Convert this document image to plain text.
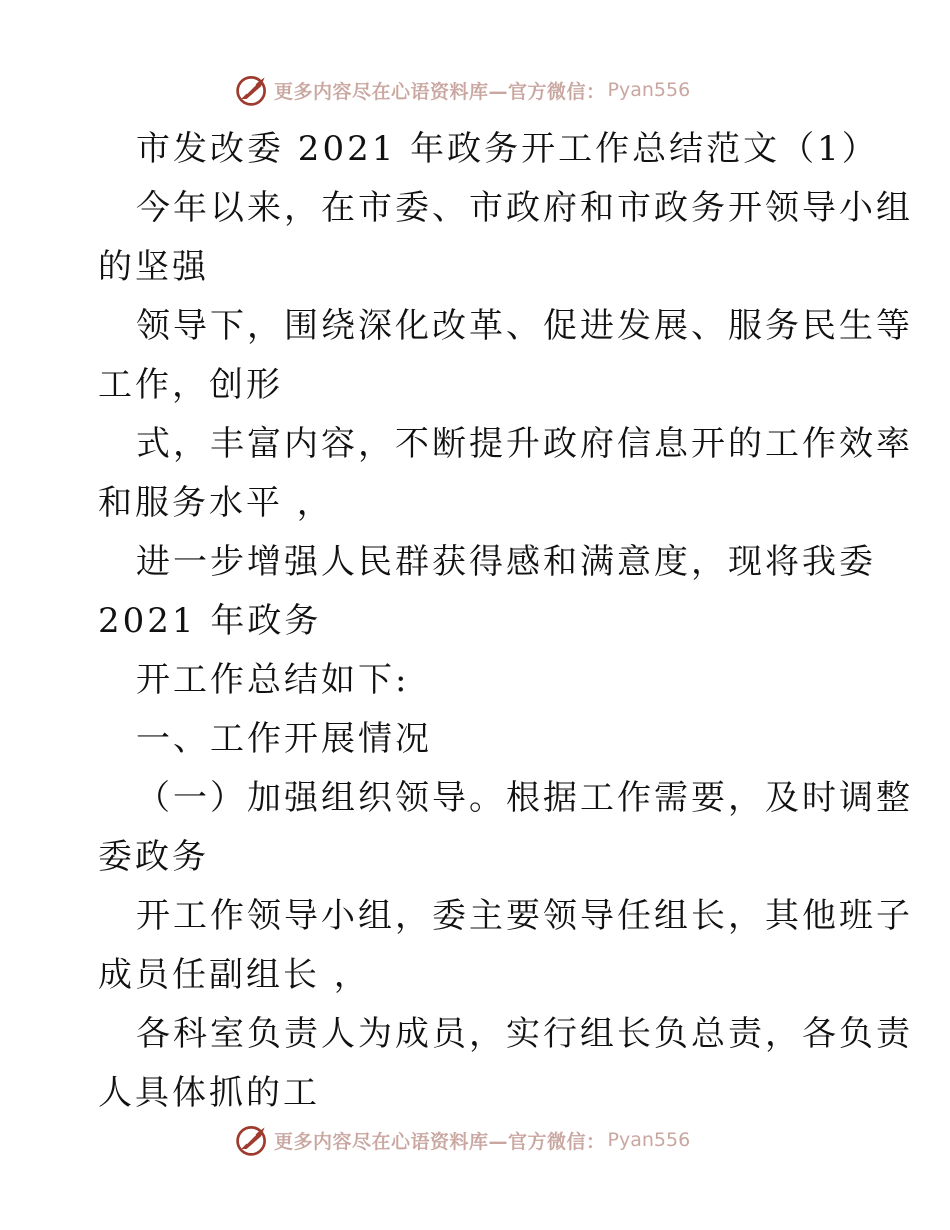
更多内容尽在心语资料库—官方微信： Pyan556
市发改委 2021 年政务开工作总结范文（1）
今年以来，在市委、市政府和市政务开领导小组
的坚强
领导下，围绕深化改革、促进发展、服务民生等
工作，创形
式，丰富内容，不断提升政府信息开的工作效率
和服务水平 ，
进一步增强人民群获得感和满意度，现将我委
2021 年政务
开工作总结如下:
一、工作开展情况
（一）加强组织领导。根据工作需要，及时调整
委政务
开工作领导小组，委主要领导任组长，其他班子
成员任副组长 ，
各科室负责人为成员，实行组长负总责，各负责
人具体抓的工
更多内容尽在心语资料库—官方微信： Pyan556
